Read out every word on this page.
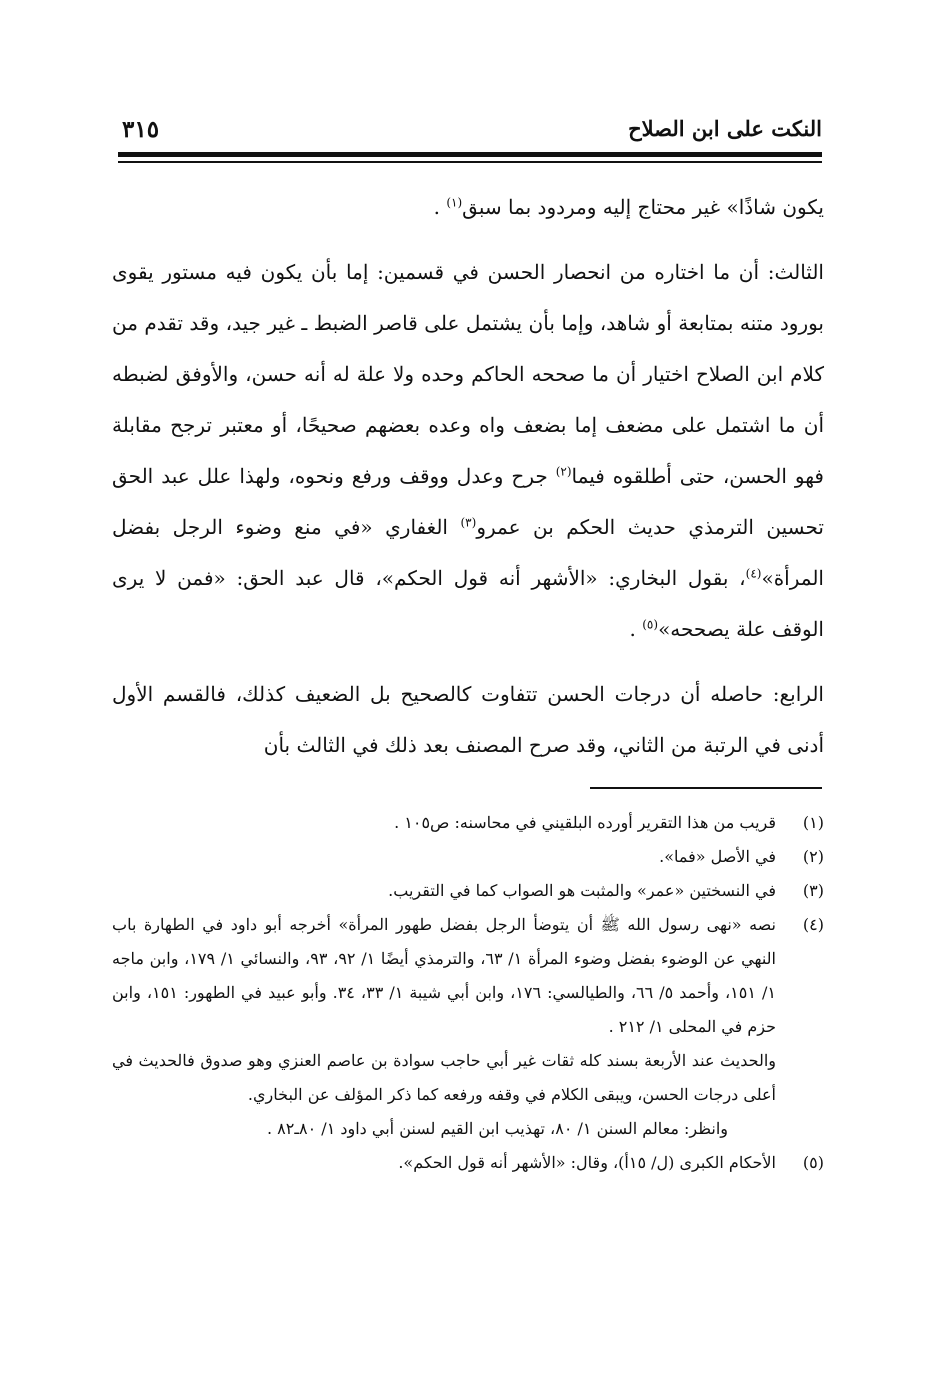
النكت على ابن الصلاح
٣١٥

يكون شاذًا» غير محتاج إليه ومردود بما سبق$^{(١)}$ .

الثالث: أن ما اختاره من انحصار الحسن في قسمين: إما بأن يكون فيه مستور يقوى بورود متنه بمتابعة أو شاهد، وإما بأن يشتمل على قاصر الضبط ـ غير جيد، وقد تقدم من كلام ابن الصلاح اختيار أن ما صححه الحاكم وحده ولا علة له أنه حسن، والأوفق لضبطه أن ما اشتمل على مضعف إما بضعف واه وعده بعضهم صحيحًا، أو معتبر ترجح مقابلة فهو الحسن، حتى أطلقوه فيما$^{(٢)}$ جرح وعدل ووقف ورفع ونحوه، ولهذا علل عبد الحق تحسين الترمذي حديث الحكم بن عمرو$^{(٣)}$ الغفاري «في منع وضوء الرجل بفضل المرأة»$^{(٤)}$، بقول البخاري: «الأشهر أنه قول الحكم»، قال عبد الحق: «فمن لا يرى الوقف علة يصححه»$^{(٥)}$ .

الرابع: حاصله أن درجات الحسن تتفاوت كالصحيح بل الضعيف كذلك، فالقسم الأول أدنى في الرتبة من الثاني، وقد صرح المصنف بعد ذلك في الثالث بأن

(١)
قريب من هذا التقرير أورده البلقيني في محاسنه: ص١٠٥ .
(٢)
في الأصل «فما».
(٣)
في النسختين «عمر» والمثبت هو الصواب كما في التقريب.
(٤)
نصه «نهى رسول الله ﷺ أن يتوضأ الرجل بفضل طهور المرأة» أخرجه أبو داود في الطهارة باب النهي عن الوضوء بفضل وضوء المرأة ١/ ٦٣، والترمذي أيضًا ١/ ٩٢، ٩٣، والنسائي ١/ ١٧٩، وابن ماجه ١/ ١٥١، وأحمد ٥/ ٦٦، والطيالسي: ١٧٦، وابن أبي شيبة ١/ ٣٣، ٣٤. وأبو عبيد في الطهور: ١٥١، وابن حزم في المحلى ١/ ٢١٢ .
والحديث عند الأربعة بسند كله ثقات غير أبي حاجب سوادة بن عاصم العنزي وهو صدوق فالحديث في أعلى درجات الحسن، ويبقى الكلام في وقفه ورفعه كما ذكر المؤلف عن البخاري.
وانظر: معالم السنن ١/ ٨٠، تهذيب ابن القيم لسنن أبي داود ١/ ٨٠ـ٨٢ .
(٥)
الأحكام الكبرى (ل/ ١٥أ)، وقال: «الأشهر أنه قول الحكم».
